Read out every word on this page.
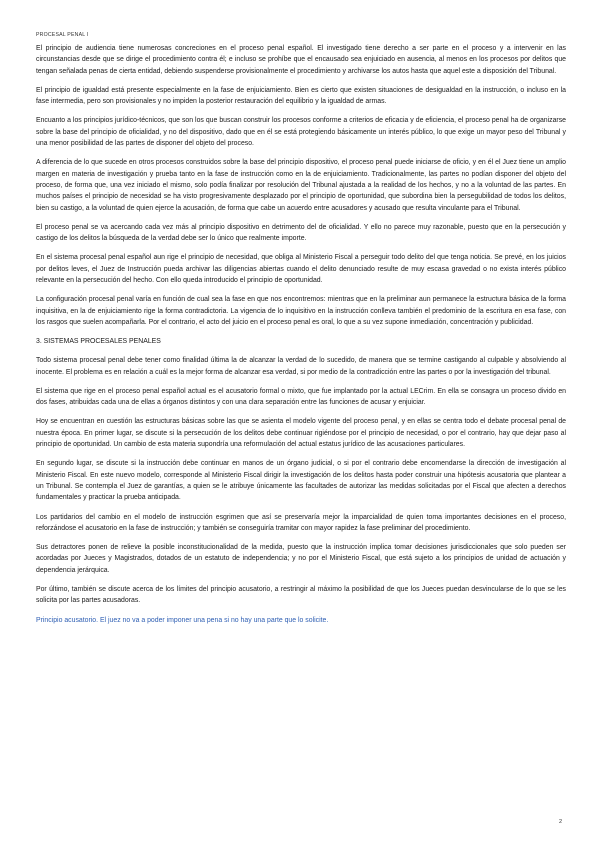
PROCESAL PENAL I

El principio de audiencia tiene numerosas concreciones en el proceso penal español. El investigado tiene derecho a ser parte en el proceso y a intervenir en las circunstancias desde que se dirige el procedimiento contra él; e incluso se prohíbe que el encausado sea enjuiciado en ausencia, al menos en los procesos por delitos que tengan señalada penas de cierta entidad, debiendo suspenderse provisionalmente el procedimiento y archivarse los autos hasta que aquel este a disposición del Tribunal.

El principio de igualdad está presente especialmente en la fase de enjuiciamiento. Bien es cierto que existen situaciones de desigualdad en la instrucción, o incluso en la fase intermedia, pero son provisionales y no impiden la posterior restauración del equilibrio y la igualdad de armas.

Encuanto a los principios jurídico-técnicos, que son los que buscan construir los procesos conforme a criterios de eficacia y de eficiencia, el proceso penal ha de organizarse sobre la base del principio de oficialidad, y no del dispositivo, dado que en él se está protegiendo básicamente un interés público, lo que exige un mayor peso del Tribunal y una menor posibilidad de las partes de disponer del objeto del proceso.

A diferencia de lo que sucede en otros procesos construidos sobre la base del principio dispositivo, el proceso penal puede iniciarse de oficio, y en él el Juez tiene un amplio margen en materia de investigación y prueba tanto en la fase de instrucción como en la de enjuiciamiento. Tradicionalmente, las partes no podían disponer del objeto del proceso, de forma que, una vez iniciado el mismo, solo podía finalizar por resolución del Tribunal ajustada a la realidad de los hechos, y no a la voluntad de las partes. En muchos países el principio de necesidad se ha visto progresivamente desplazado por el principio de oportunidad, que subordina bien la persegubilidad de todos los delitos, bien su castigo, a la voluntad de quien ejerce la acusación, de forma que cabe un acuerdo entre acusadores y acusado que resulta vinculante para el Tribunal.

El proceso penal se va acercando cada vez más al principio dispositivo en detrimento del de oficialidad. Y ello no parece muy razonable, puesto que en la persecución y castigo de los delitos la búsqueda de la verdad debe ser lo único que realmente importe.

En el sistema procesal penal español aun rige el principio de necesidad, que obliga al Ministerio Fiscal a perseguir todo delito del que tenga noticia. Se prevé, en los juicios por delitos leves, el Juez de Instrucción pueda archivar las diligencias abiertas cuando el delito denunciado resulte de muy escasa gravedad o no exista interés público relevante en la persecución del hecho. Con ello queda introducido el principio de oportunidad.

La configuración procesal penal varía en función de cual sea la fase en que nos encontremos: mientras que en la preliminar aun permanece la estructura básica de la forma inquisitiva, en la de enjuiciamiento rige la forma contradictoria. La vigencia de lo inquisitivo en la instrucción conlleva también el predominio de la escritura en esa fase, con los rasgos que suelen acompañarla. Por el contrario, el acto del juicio en el proceso penal es oral, lo que a su vez supone inmediación, concentración y publicidad.

3. SISTEMAS PROCESALES PENALES

Todo sistema procesal penal debe tener como finalidad última la de alcanzar la verdad de lo sucedido, de manera que se termine castigando al culpable y absolviendo al inocente. El problema es en relación a cuál es la mejor forma de alcanzar esa verdad, si por medio de la contradicción entre las partes o por la investigación del tribunal.

El sistema que rige en el proceso penal español actual es el acusatorio formal o mixto, que fue implantado por la actual LECrim. En ella se consagra un proceso divido en dos fases, atribuidas cada una de ellas a órganos distintos y con una clara separación entre las funciones de acusar y enjuiciar.

Hoy se encuentran en cuestión las estructuras básicas sobre las que se asienta el modelo vigente del proceso penal, y en ellas se centra todo el debate procesal penal de nuestra época. En primer lugar, se discute si la persecución de los delitos debe continuar rigiéndose por el principio de necesidad, o por el contrario, hay que dejar paso al principio de oportunidad. Un cambio de esta materia supondría una reformulación del actual estatus jurídico de las acusaciones particulares.

En segundo lugar, se discute si la instrucción debe continuar en manos de un órgano judicial, o si por el contrario debe encomendarse la dirección de investigación al Ministerio Fiscal. En este nuevo modelo, corresponde al Ministerio Fiscal dirigir la investigación de los delitos hasta poder construir una hipótesis acusatoria que plantear a un Tribunal. Se contempla el Juez de garantías, a quien se le atribuye únicamente las facultades de autorizar las medidas solicitadas por el Fiscal que afecten a derechos fundamentales y practicar la prueba anticipada.

Los partidarios del cambio en el modelo de instrucción esgrimen que así se preservaría mejor la imparcialidad de quien toma importantes decisiones en el proceso, reforzándose el acusatorio en la fase de instrucción; y también se conseguiría tramitar con mayor rapidez la fase preliminar del procedimiento.

Sus detractores ponen de relieve la posible inconstitucionalidad de la medida, puesto que la instrucción implica tomar decisiones jurisdiccionales que solo pueden ser acordadas por Jueces y Magistrados, dotados de un estatuto de independencia; y no por el Ministerio Fiscal, que está sujeto a los principios de unidad de actuación y dependencia jerárquica.

Por último, también se discute acerca de los límites del principio acusatorio, a restringir al máximo la posibilidad de que los Jueces puedan desvincularse de lo que se les solicita por las partes acusadoras.

Principio acusatorio. El juez no va a poder imponer una pena si no hay una parte que lo solicite.

2
